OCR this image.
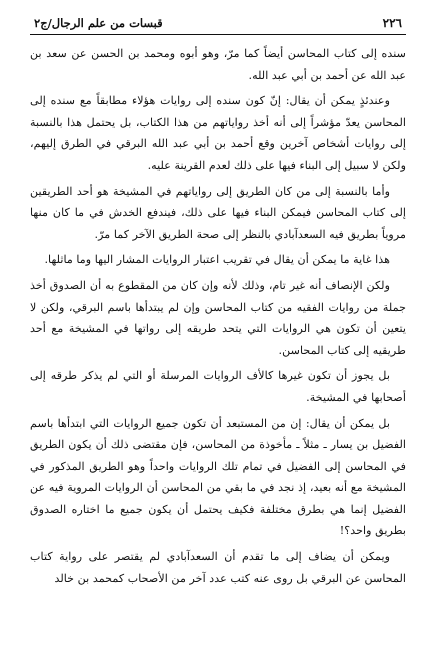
٢٢٦
قبسات من علم الرجال/ج٢

سنده إلى كتاب المحاسن أيضاً كما مرّ، وهو أبوه ومحمد بن الحسن عن سعد بن عبد الله عن أحمد بن أبي عبد الله.

وعندئذٍ يمكن أن يقال: إنّ كون سنده إلى روايات هؤلاء مطابقاً مع سنده إلى المحاسن يعدّ مؤشراً إلى أنه أخذ رواياتهم من هذا الكتاب، بل يحتمل هذا بالنسبة إلى روايات أشخاص آخرين وقع أحمد بن أبي عبد الله البرقي في الطرق إليهم، ولكن لا سبيل إلى البناء فيها على ذلك لعدم القرينة عليه.

وأما بالنسبة إلى من كان الطريق إلى رواياتهم في المشيخة هو أحد الطريقين إلى كتاب المحاسن فيمكن البناء فيها على ذلك، فيندفع الخدش في ما كان منها مروياً بطريق فيه السعدآبادي بالنظر إلى صحة الطريق الآخر كما مرّ.

هذا غاية ما يمكن أن يقال في تقريب اعتبار الروايات المشار اليها وما ماثلها.

ولكن الإنصاف أنه غير تام، وذلك لأنه وإن كان من المقطوع به أن الصدوق أخذ جملة من روايات الفقيه من كتاب المحاسن وإن لم يبتدأها باسم البرقي، ولكن لا يتعين أن تكون هي الروايات التي يتحد طريقه إلى رواتها في المشيخة مع أحد طريقيه إلى كتاب المحاسن.

بل يجوز أن تكون غيرها كالأف الروايات المرسلة أو التي لم يذكر طرقه إلى أصحابها في المشيخة.

بل يمكن أن يقال: إن من المستبعد أن تكون جميع الروايات التي ابتدأها باسم الفضيل بن يسار ـ مثلاً ـ مأخوذة من المحاسن، فإن مقتضى ذلك أن يكون الطريق في المحاسن إلى الفضيل في تمام تلك الروايات واحداً وهو الطريق المذكور في المشيخة مع أنه بعيد، إذ نجد في ما بقي من المحاسن أن الروايات المروية فيه عن الفضيل إنما هي بطرق مختلفة فكيف يحتمل أن يكون جميع ما اختاره الصدوق بطريق واحد؟!

ويمكن أن يضاف إلى ما تقدم أن السعدآبادي لم يقتصر على رواية كتاب المحاسن عن البرقي بل روى عنه كتب عدد آخر من الأصحاب كمحمد بن خالد
